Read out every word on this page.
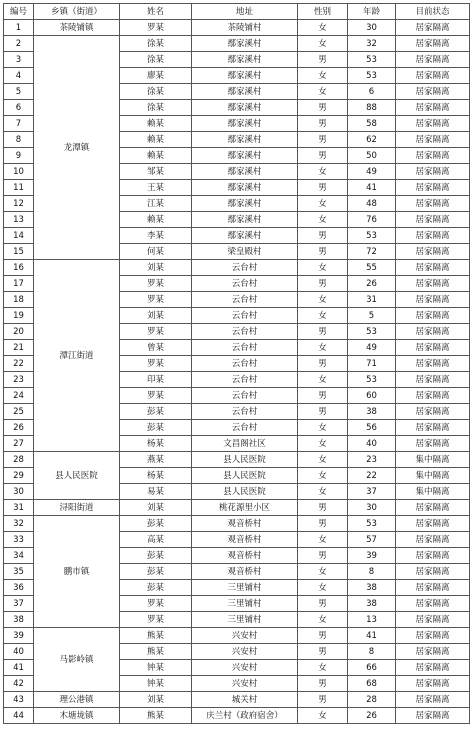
编号	乡镇（街道）	姓名	地址	性别	年龄	目前状态
1	茶陵铺镇	罗某	茶陵铺村	女	30	居家隔离
2	龙潭镇	徐某	鄢家溪村	女	32	居家隔离
3		徐某	鄢家溪村	男	53	居家隔离
4		廖某	鄢家溪村	女	53	居家隔离
5		徐某	鄢家溪村	女	6	居家隔离
6		徐某	鄢家溪村	男	88	居家隔离
7		赖某	鄢家溪村	男	58	居家隔离
8		赖某	鄢家溪村	男	62	居家隔离
9		赖某	鄢家溪村	男	50	居家隔离
10		邹某	鄢家溪村	女	49	居家隔离
11		王某	鄢家溪村	男	41	居家隔离
12		江某	鄢家溪村	女	48	居家隔离
13		赖某	鄢家溪村	女	76	居家隔离
14		李某	鄢家溪村	男	53	居家隔离
15		何某	梁皇殿村	男	72	居家隔离
16	潭江街道	刘某	云台村	女	55	居家隔离
17		罗某	云台村	男	26	居家隔离
18		罗某	云台村	女	31	居家隔离
19		刘某	云台村	女	5	居家隔离
20		罗某	云台村	男	53	居家隔离
21		曾某	云台村	女	49	居家隔离
22		罗某	云台村	男	71	居家隔离
23		印某	云台村	女	53	居家隔离
24		罗某	云台村	男	60	居家隔离
25		彭某	云台村	男	38	居家隔离
26		彭某	云台村	女	56	居家隔离
27		杨某	文昌阁社区	女	40	居家隔离
28	县人民医院	燕某	县人民医院	女	23	集中隔离
29		杨某	县人民医院	女	22	集中隔离
30		易某	县人民医院	女	37	集中隔离
31	浔阳街道	刘某	桃花源里小区	男	30	居家隔离
32	鹏市镇	彭某	观音桥村	男	53	居家隔离
33		高某	观音桥村	女	57	居家隔离
34		彭某	观音桥村	男	39	居家隔离
35		彭某	观音桥村	女	8	居家隔离
36		彭某	三里铺村	女	38	居家隔离
37		罗某	三里铺村	男	38	居家隔离
38		罗某	三里铺村	女	13	居家隔离
39	马影岭镇	熊某	兴安村	男	41	居家隔离
40		熊某	兴安村	男	8	居家隔离
41		钟某	兴安村	女	66	居家隔离
42		钟某	兴安村	男	68	居家隔离
43	理公港镇	刘某	城关村	男	28	居家隔离
44	木塘垅镇	熊某	庆兰村（政府宿舍）	女	26	居家隔离
